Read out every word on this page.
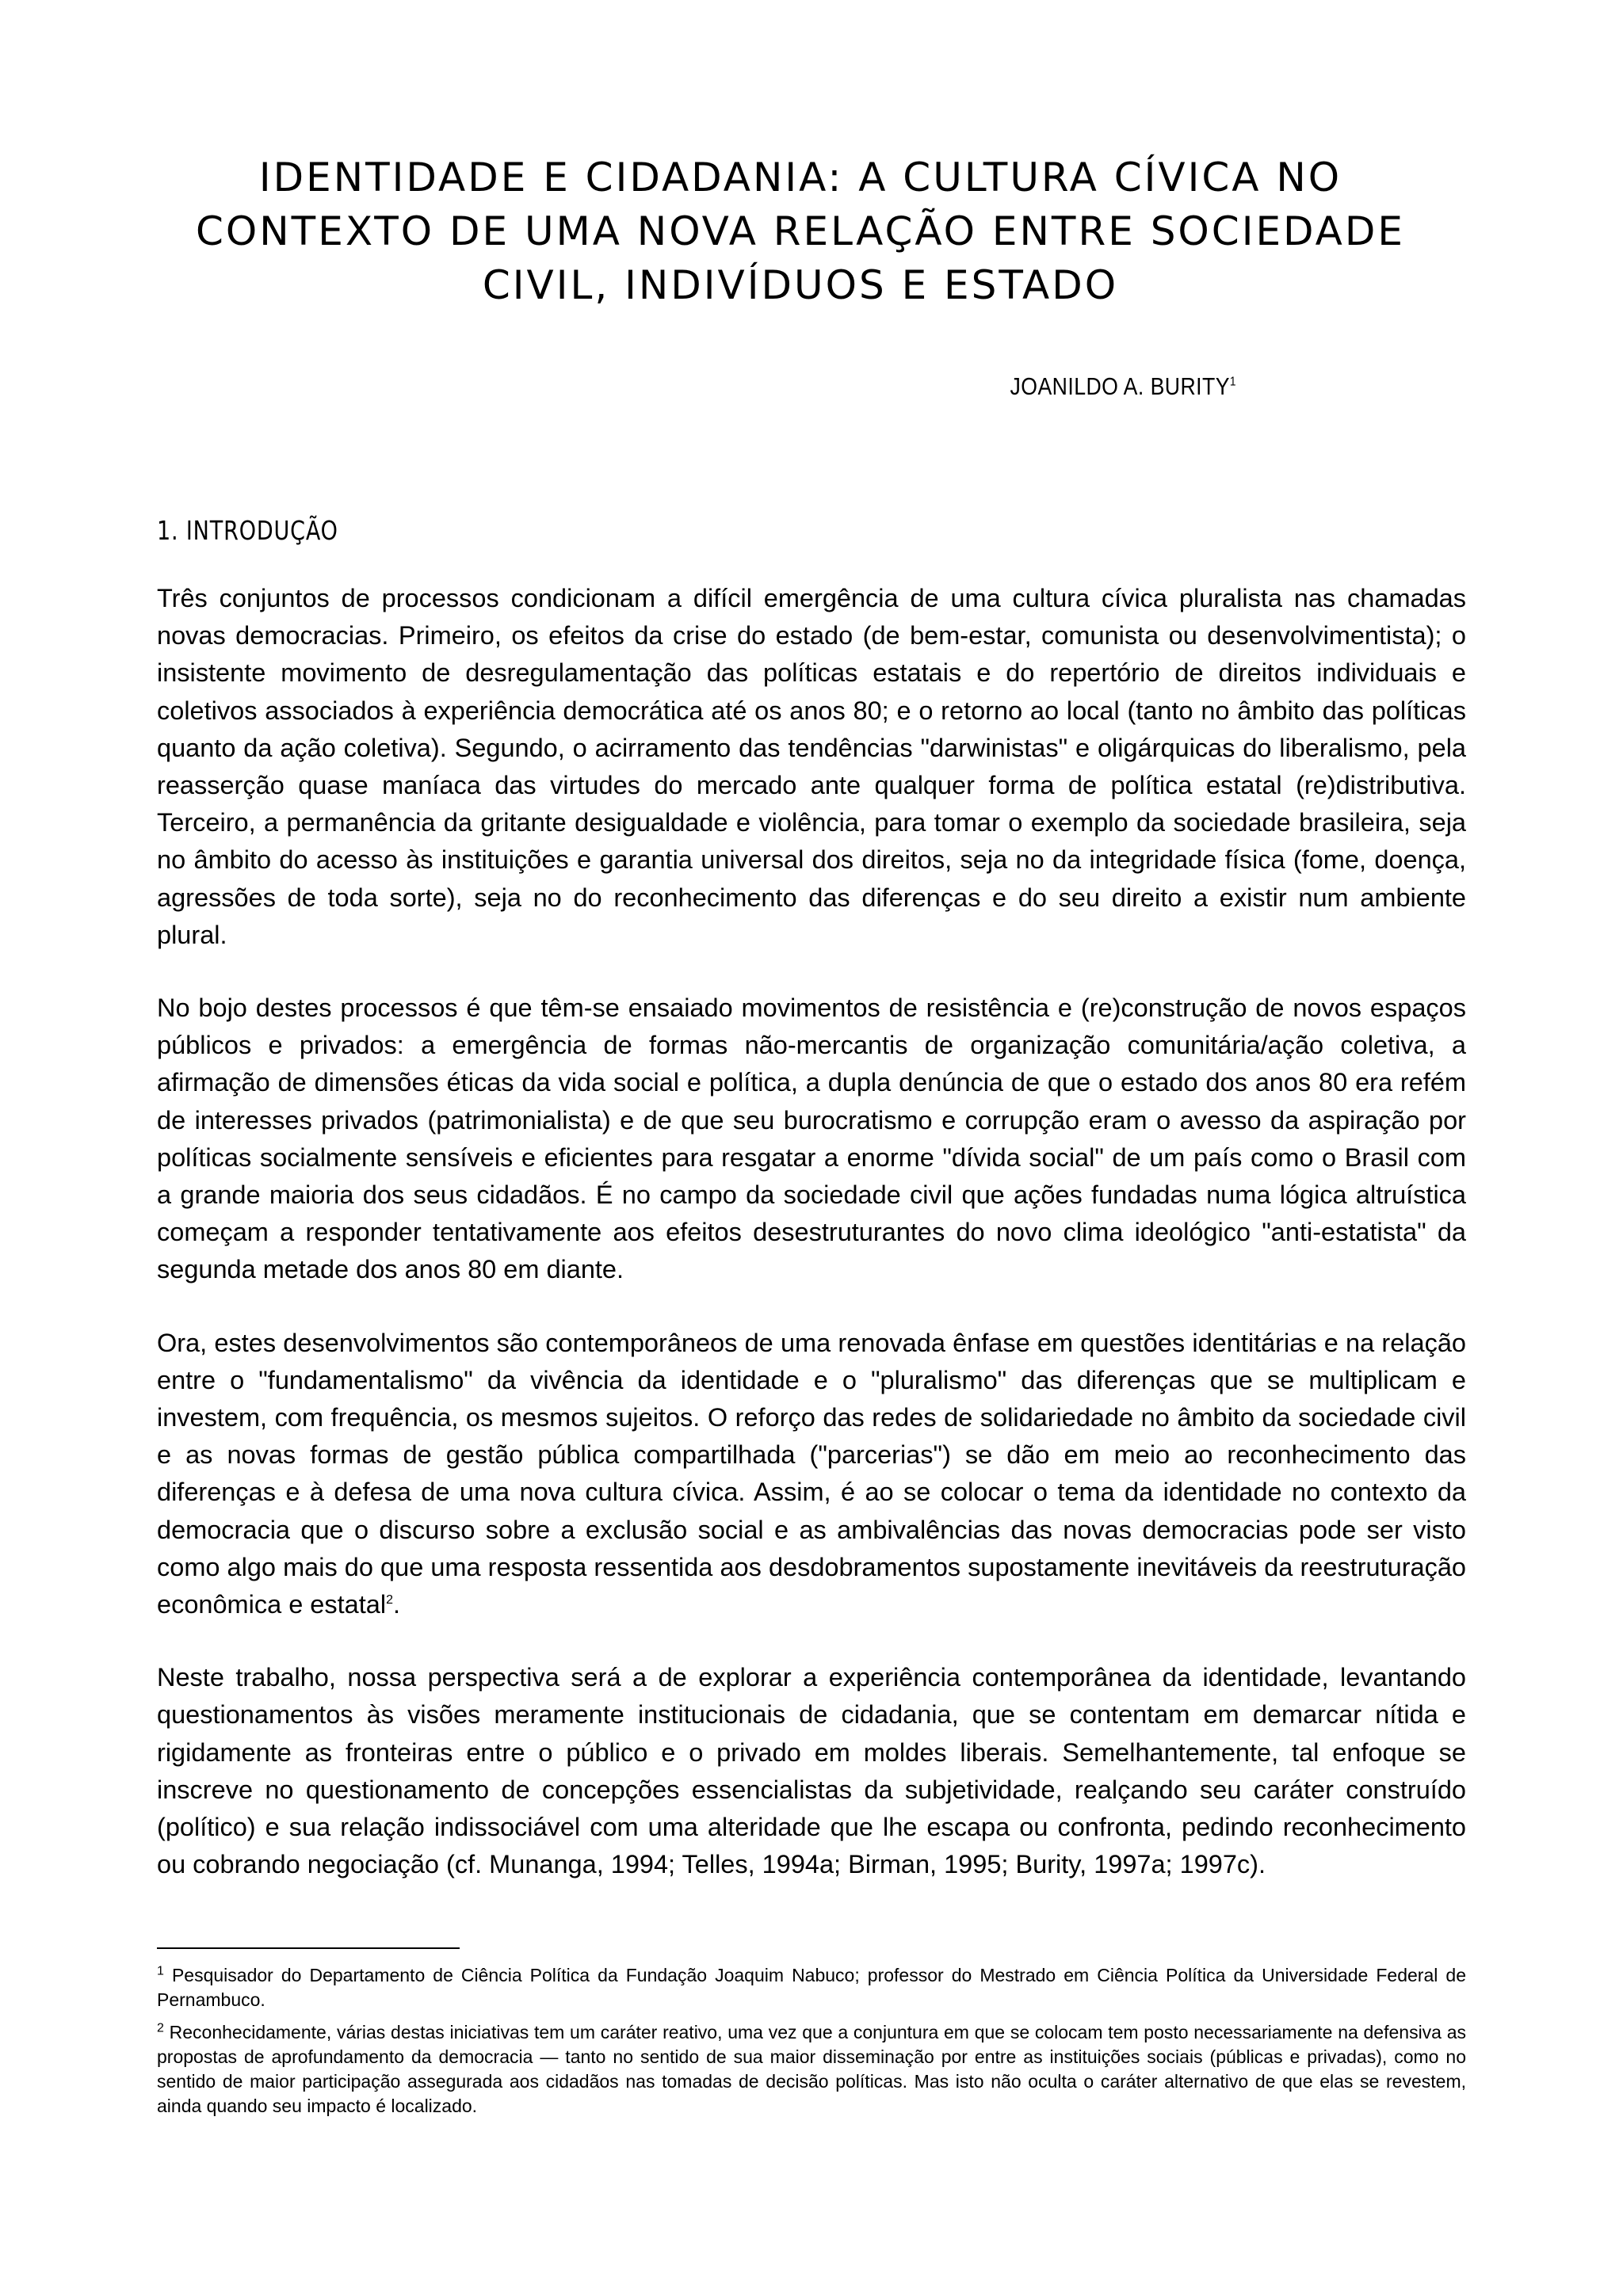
IDENTIDADE E CIDADANIA: A CULTURA CÍVICA NO
CONTEXTO DE UMA NOVA RELAÇÃO ENTRE SOCIEDADE
CIVIL, INDIVÍDUOS E ESTADO
JOANILDO A. BURITY$^1$
1. INTRODUÇÃO

Três conjuntos de processos condicionam a difícil emergência de uma cultura cívica pluralista nas chamadas novas democracias. Primeiro, os efeitos da crise do estado (de bem-estar, comunista ou desenvolvimentista); o insistente movimento de desregulamentação das políticas estatais e do repertório de direitos individuais e coletivos associados à experiência democrática até os anos 80; e o retorno ao local (tanto no âmbito das políticas quanto da ação coletiva). Segundo, o acirramento das tendências "darwinistas" e oligárquicas do liberalismo, pela reasserção quase maníaca das virtudes do mercado ante qualquer forma de política estatal (re)distributiva. Terceiro, a permanência da gritante desigualdade e violência, para tomar o exemplo da sociedade brasileira, seja no âmbito do acesso às instituições e garantia universal dos direitos, seja no da integridade física (fome, doença, agressões de toda sorte), seja no do reconhecimento das diferenças e do seu direito a existir num ambiente plural.

No bojo destes processos é que têm-se ensaiado movimentos de resistência e (re)construção de novos espaços públicos e privados: a emergência de formas não-mercantis de organização comunitária/ação coletiva, a afirmação de dimensões éticas da vida social e política, a dupla denúncia de que o estado dos anos 80 era refém de interesses privados (patrimonialista) e de que seu burocratismo e corrupção eram o avesso da aspiração por políticas socialmente sensíveis e eficientes para resgatar a enorme "dívida social" de um país como o Brasil com a grande maioria dos seus cidadãos. É no campo da sociedade civil que ações fundadas numa lógica altruística começam a responder tentativamente aos efeitos desestruturantes do novo clima ideológico "anti-estatista" da segunda metade dos anos 80 em diante.

Ora, estes desenvolvimentos são contemporâneos de uma renovada ênfase em questões identitárias e na relação entre o "fundamentalismo" da vivência da identidade e o "pluralismo" das diferenças que se multiplicam e investem, com frequência, os mesmos sujeitos. O reforço das redes de solidariedade no âmbito da sociedade civil e as novas formas de gestão pública compartilhada ("parcerias") se dão em meio ao reconhecimento das diferenças e à defesa de uma nova cultura cívica. Assim, é ao se colocar o tema da identidade no contexto da democracia que o discurso sobre a exclusão social e as ambivalências das novas democracias pode ser visto como algo mais do que uma resposta ressentida aos desdobramentos supostamente inevitáveis da reestruturação econômica e estatal$^2$.

Neste trabalho, nossa perspectiva será a de explorar a experiência contemporânea da identidade, levantando questionamentos às visões meramente institucionais de cidadania, que se contentam em demarcar nítida e rigidamente as fronteiras entre o público e o privado em moldes liberais. Semelhantemente, tal enfoque se inscreve no questionamento de concepções essencialistas da subjetividade, realçando seu caráter construído (político) e sua relação indissociável com uma alteridade que lhe escapa ou confronta, pedindo reconhecimento ou cobrando negociação (cf. Munanga, 1994; Telles, 1994a; Birman, 1995; Burity, 1997a; 1997c).

$^1$ Pesquisador do Departamento de Ciência Política da Fundação Joaquim Nabuco; professor do Mestrado em Ciência Política da Universidade Federal de Pernambuco.

$^2$ Reconhecidamente, várias destas iniciativas tem um caráter reativo, uma vez que a conjuntura em que se colocam tem posto necessariamente na defensiva as propostas de aprofundamento da democracia — tanto no sentido de sua maior disseminação por entre as instituições sociais (públicas e privadas), como no sentido de maior participação assegurada aos cidadãos nas tomadas de decisão políticas. Mas isto não oculta o caráter alternativo de que elas se revestem, ainda quando seu impacto é localizado.
